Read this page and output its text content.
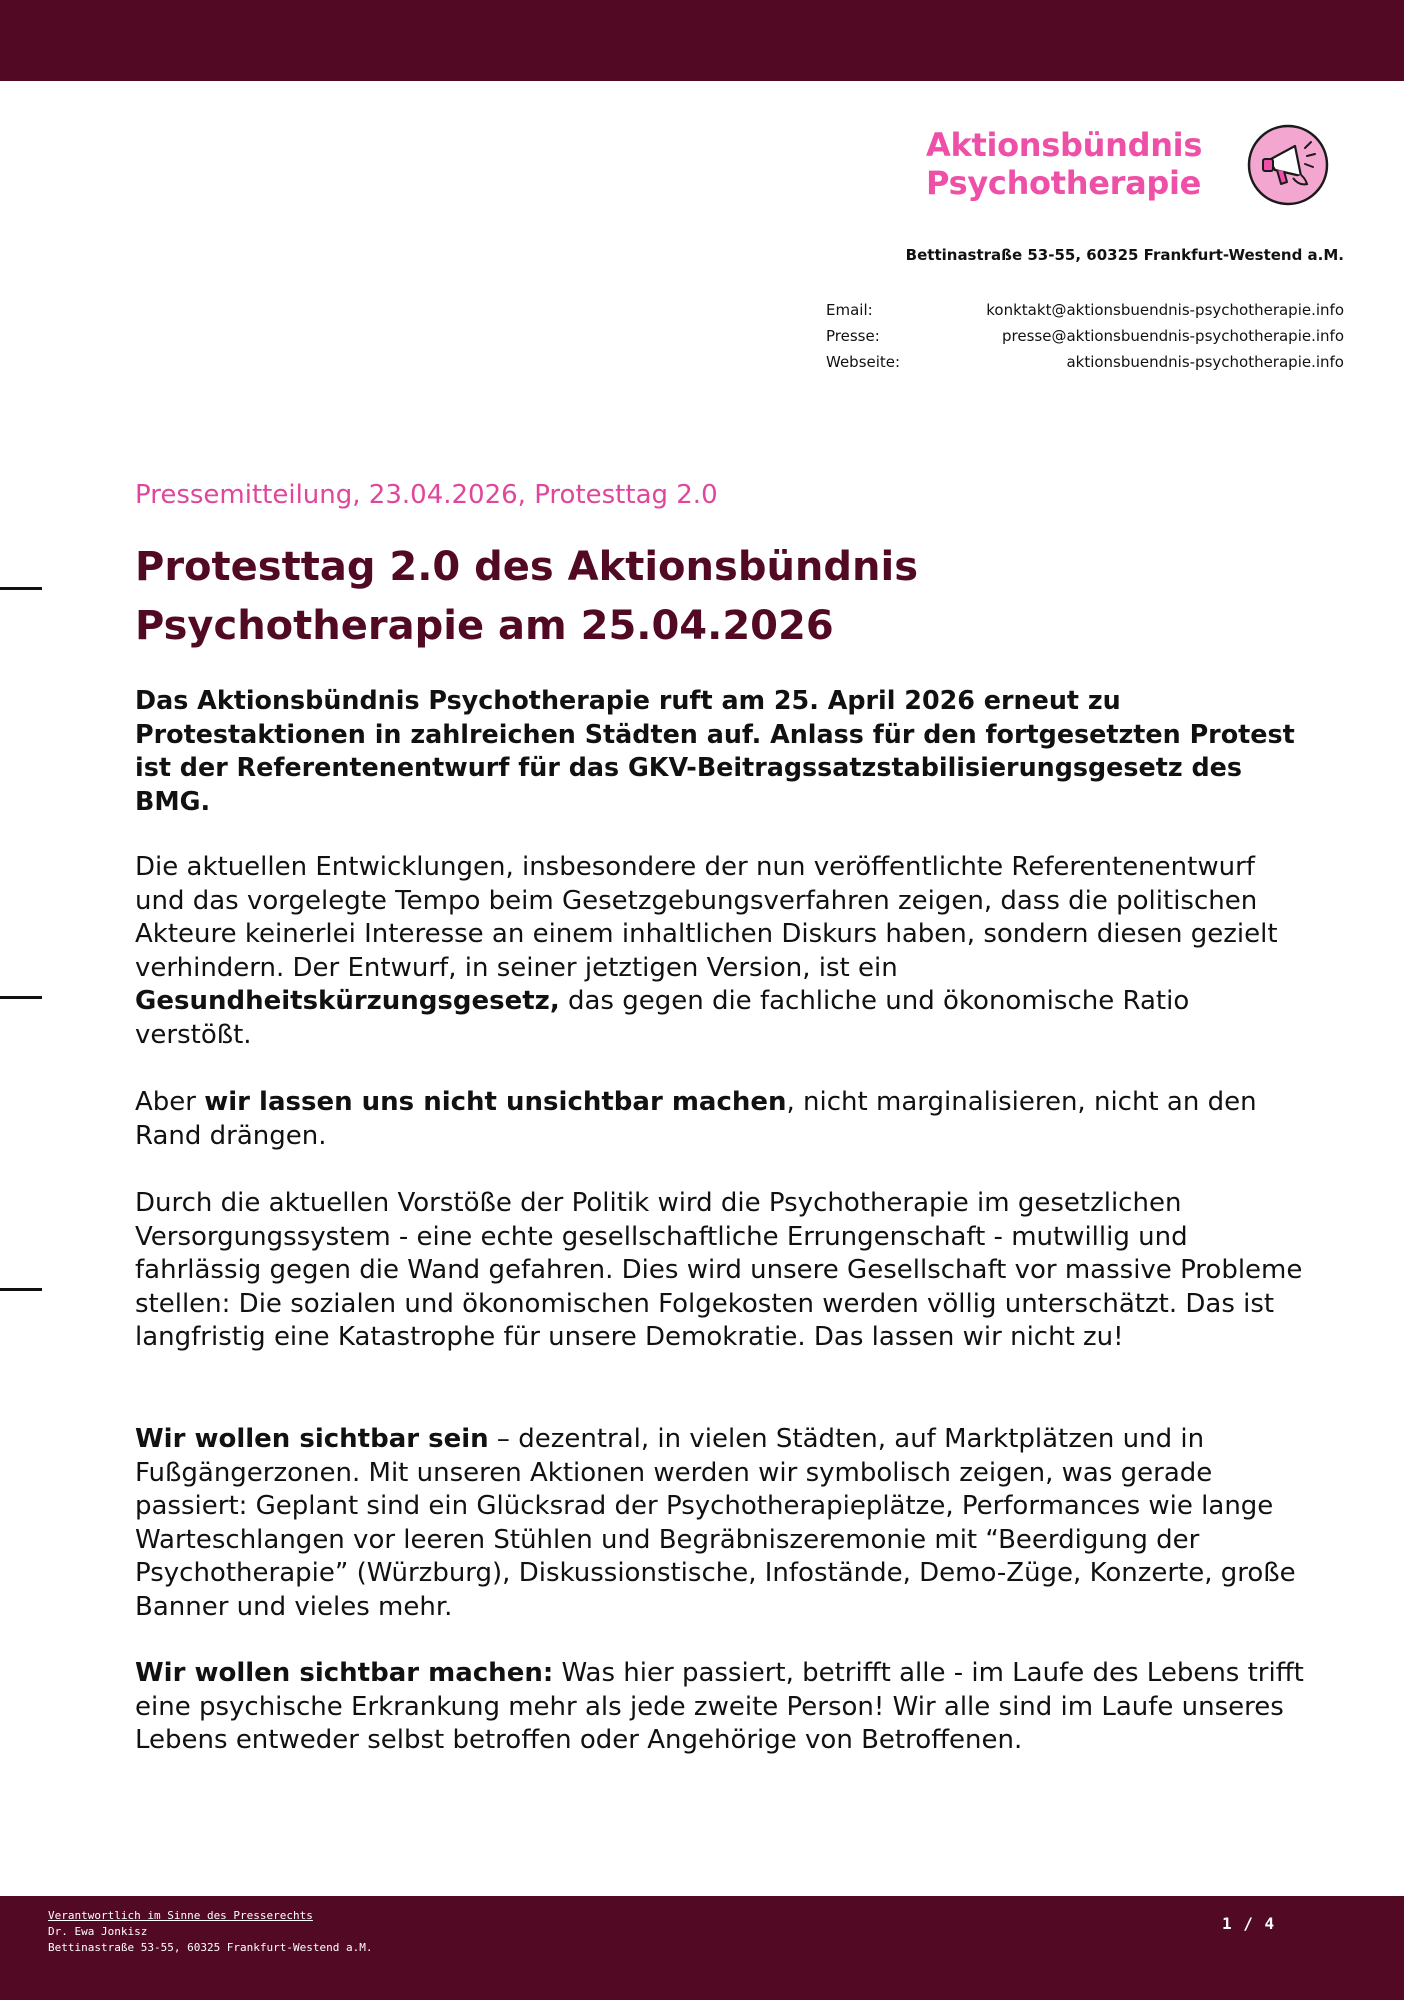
Aktionsbündnis
Psychotherapie
Bettinastraße 53-55, 60325 Frankfurt-Westend a.M.
Email:	konktakt@aktionsbuendnis-psychotherapie.info
Presse:	presse@aktionsbuendnis-psychotherapie.info
Webseite:	aktionsbuendnis-psychotherapie.info
Pressemitteilung, 23.04.2026, Protesttag 2.0
Protesttag 2.0 des Aktionsbündnis
Psychotherapie am 25.04.2026

Das Aktionsbündnis Psychotherapie ruft am 25. April 2026 erneut zu Protestaktionen in zahlreichen Städten auf. Anlass für den fortgesetzten Protest ist der Referentenentwurf für das GKV-Beitragssatzstabilisierungsgesetz des BMG.

Die aktuellen Entwicklungen, insbesondere der nun veröffentlichte Referentenentwurf und das vorgelegte Tempo beim Gesetzgebungsverfahren zeigen, dass die politischen Akteure keinerlei Interesse an einem inhaltlichen Diskurs haben, sondern diesen gezielt verhindern. Der Entwurf, in seiner jetztigen Version, ist ein Gesundheitskürzungsgesetz, das gegen die fachliche und ökonomische Ratio verstößt.

Aber wir lassen uns nicht unsichtbar machen, nicht marginalisieren, nicht an den Rand drängen.

Durch die aktuellen Vorstöße der Politik wird die Psychotherapie im gesetzlichen Versorgungssystem - eine echte gesellschaftliche Errungenschaft - mutwillig und fahrlässig gegen die Wand gefahren. Dies wird unsere Gesellschaft vor massive Probleme stellen: Die sozialen und ökonomischen Folgekosten werden völlig unterschätzt. Das ist langfristig eine Katastrophe für unsere Demokratie. Das lassen wir nicht zu!

Wir wollen sichtbar sein – dezentral, in vielen Städten, auf Marktplätzen und in Fußgängerzonen. Mit unseren Aktionen werden wir symbolisch zeigen, was gerade passiert: Geplant sind ein Glücksrad der Psychotherapieplätze, Performances wie lange Warteschlangen vor leeren Stühlen und Begräbniszeremonie mit “Beerdigung der Psychotherapie” (Würzburg), Diskussionstische, Infostände, Demo-Züge, Konzerte, große Banner und vieles mehr.

Wir wollen sichtbar machen: Was hier passiert, betrifft alle - im Laufe des Lebens trifft eine psychische Erkrankung mehr als jede zweite Person! Wir alle sind im Laufe unseres Lebens entweder selbst betroffen oder Angehörige von Betroffenen.

Verantwortlich im Sinne des Presserechts
Dr. Ewa Jonkisz
Bettinastraße 53-55, 60325 Frankfurt-Westend a.M.
1 / 4
